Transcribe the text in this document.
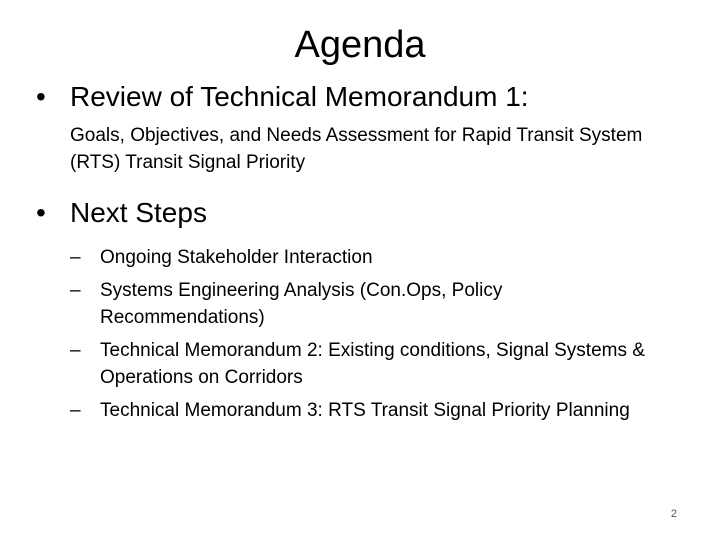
Agenda
• Review of Technical Memorandum 1:
Goals, Objectives, and Needs Assessment for Rapid Transit System (RTS) Transit Signal Priority
• Next Steps
–	Ongoing Stakeholder Interaction
–	Systems Engineering Analysis (Con.Ops, Policy Recommendations)
–	Technical Memorandum 2: Existing conditions, Signal Systems & Operations on Corridors
–	Technical Memorandum 3: RTS Transit Signal Priority Planning
2
